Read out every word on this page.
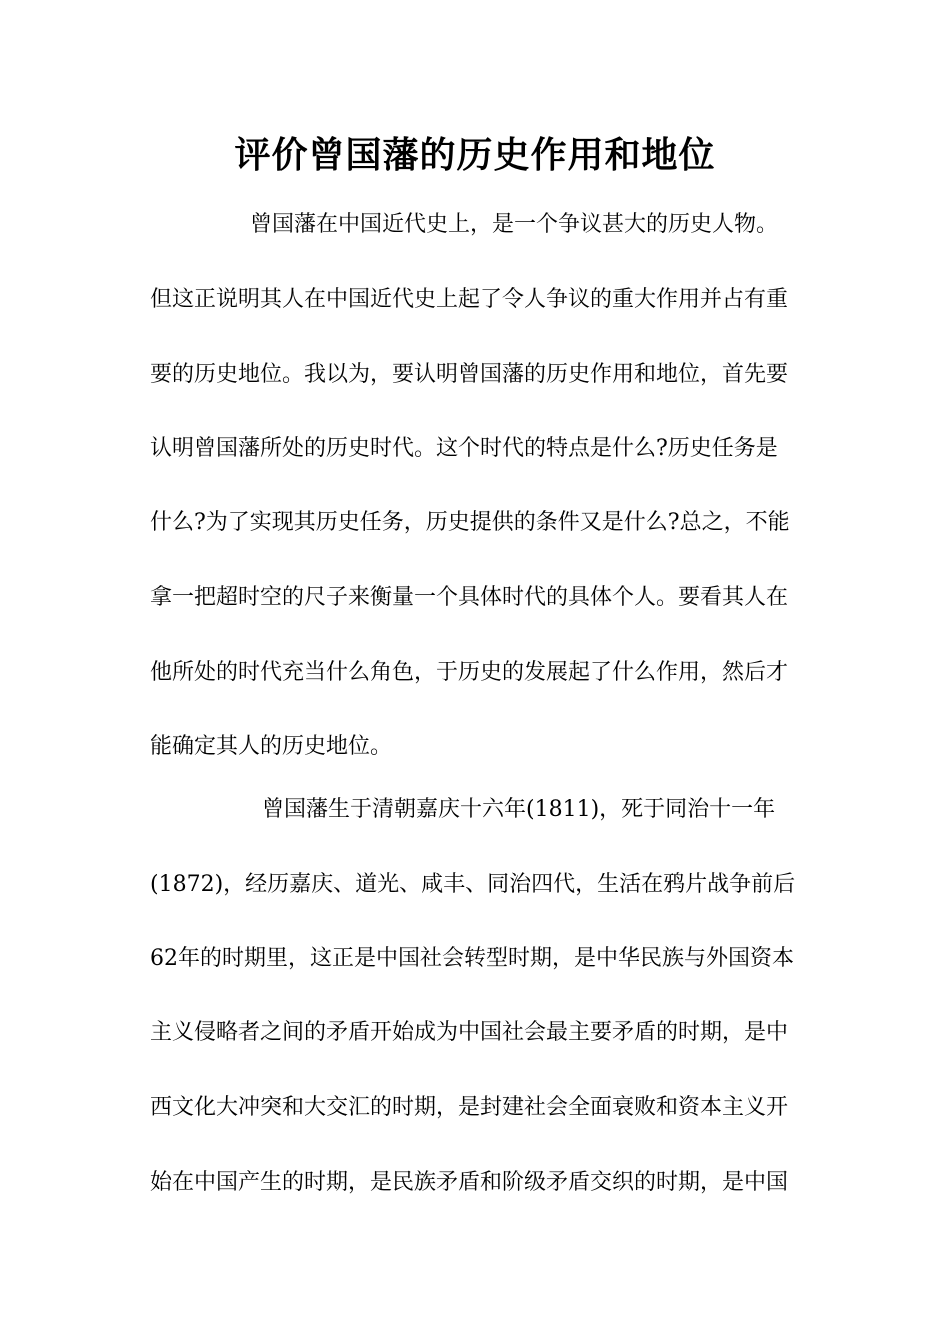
评价曾国藩的历史作用和地位
曾国藩在中国近代史上，是一个争议甚大的历史人物。
但这正说明其人在中国近代史上起了令人争议的重大作用并占有重
要的历史地位。我以为，要认明曾国藩的历史作用和地位，首先要
认明曾国藩所处的历史时代。这个时代的特点是什么?历史任务是
什么?为了实现其历史任务，历史提供的条件又是什么?总之，不能
拿一把超时空的尺子来衡量一个具体时代的具体个人。要看其人在
他所处的时代充当什么角色，于历史的发展起了什么作用，然后才
能确定其人的历史地位。
曾国藩生于清朝嘉庆十六年(1811)，死于同治十一年
(1872)，经历嘉庆、道光、咸丰、同治四代，生活在鸦片战争前后
62年的时期里，这正是中国社会转型时期，是中华民族与外国资本
主义侵略者之间的矛盾开始成为中国社会最主要矛盾的时期，是中
西文化大冲突和大交汇的时期，是封建社会全面衰败和资本主义开
始在中国产生的时期，是民族矛盾和阶级矛盾交织的时期，是中国
